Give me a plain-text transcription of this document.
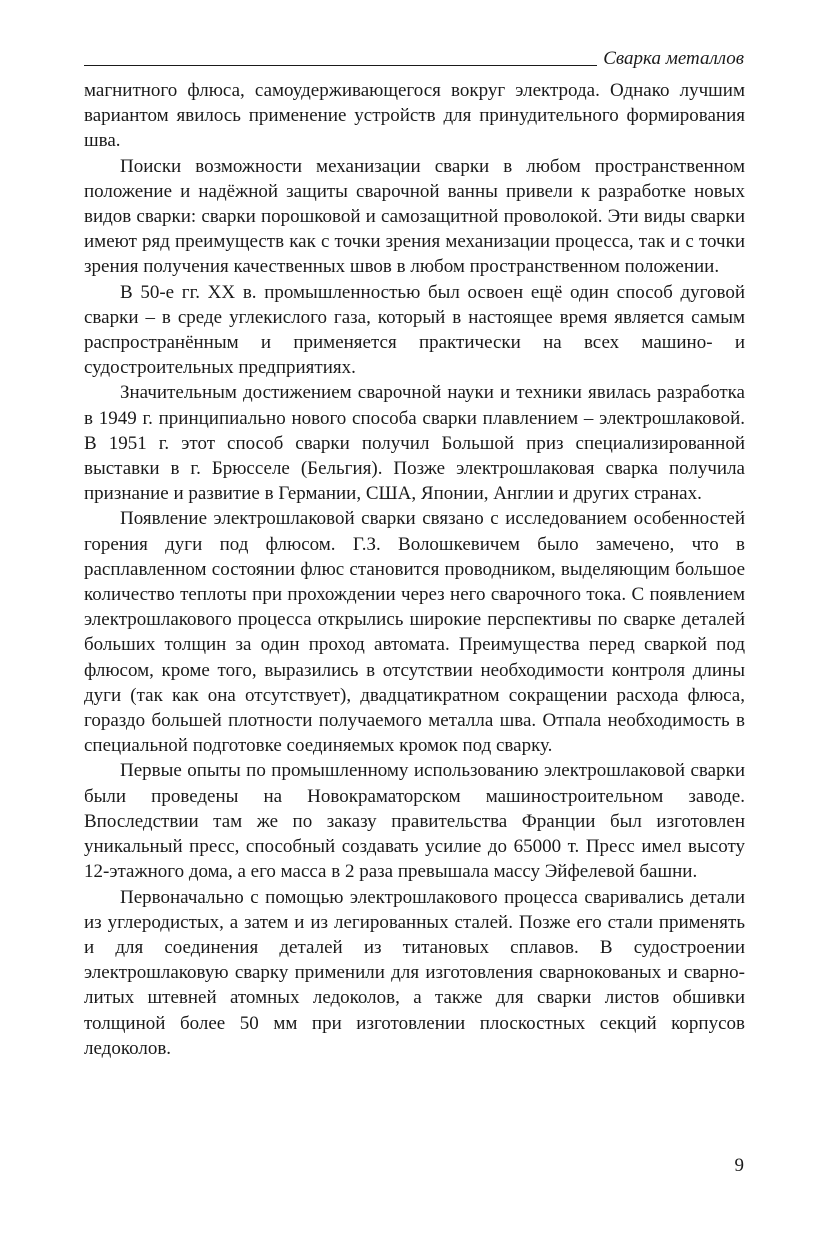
Сварка металлов

магнитного флюса, самоудерживающегося вокруг электрода. Однако лучшим вариантом явилось применение устройств для принудительного формирования шва.

Поиски возможности механизации сварки в любом пространственном положение и надёжной защиты сварочной ванны привели к разработке новых видов сварки: сварки порошковой и самозащитной проволокой. Эти виды сварки имеют ряд преимуществ как с точки зрения механизации процесса, так и с точки зрения получения качественных швов в любом пространственном положении.

В 50-е гг. XX в. промышленностью был освоен ещё один способ дуговой сварки – в среде углекислого газа, который в настоящее время является самым распространённым и применяется практически на всех машино- и судостроительных предприятиях.

Значительным достижением сварочной науки и техники явилась разработка в 1949 г. принципиально нового способа сварки плавлением – электрошлаковой. В 1951 г. этот способ сварки получил Большой приз специализированной выставки в г. Брюсселе (Бельгия). Позже электрошлаковая сварка получила признание и развитие в Германии, США, Японии, Англии и других странах.

Появление электрошлаковой сварки связано с исследованием особенностей горения дуги под флюсом. Г.З. Волошкевичем было замечено, что в расплавленном состоянии флюс становится проводником, выделяющим большое количество теплоты при прохождении через него сварочного тока. С появлением электрошлакового процесса открылись широкие перспективы по сварке деталей больших толщин за один проход автомата. Преимущества перед сваркой под флюсом, кроме того, выразились в отсутствии необходимости контроля длины дуги (так как она отсутствует), двадцатикратном сокращении расхода флюса, гораздо большей плотности получаемого металла шва. Отпала необходимость в специальной подготовке соединяемых кромок под сварку.

Первые опыты по промышленному использованию электрошлаковой сварки были проведены на Новокраматорском машиностроительном заводе. Впоследствии там же по заказу правительства Франции был изготовлен уникальный пресс, способный создавать усилие до 65000 т. Пресс имел высоту 12-этажного дома, а его масса в 2 раза превышала массу Эйфелевой башни.

Первоначально с помощью электрошлакового процесса сваривались детали из углеродистых, а затем и из легированных сталей. Позже его стали применять и для соединения деталей из титановых сплавов. В судостроении электрошлаковую сварку применили для изготовления сварнокованых и сварно-литых штевней атомных ледоколов, а также для сварки листов обшивки толщиной более 50 мм при изготовлении плоскостных секций корпусов ледоколов.

9
